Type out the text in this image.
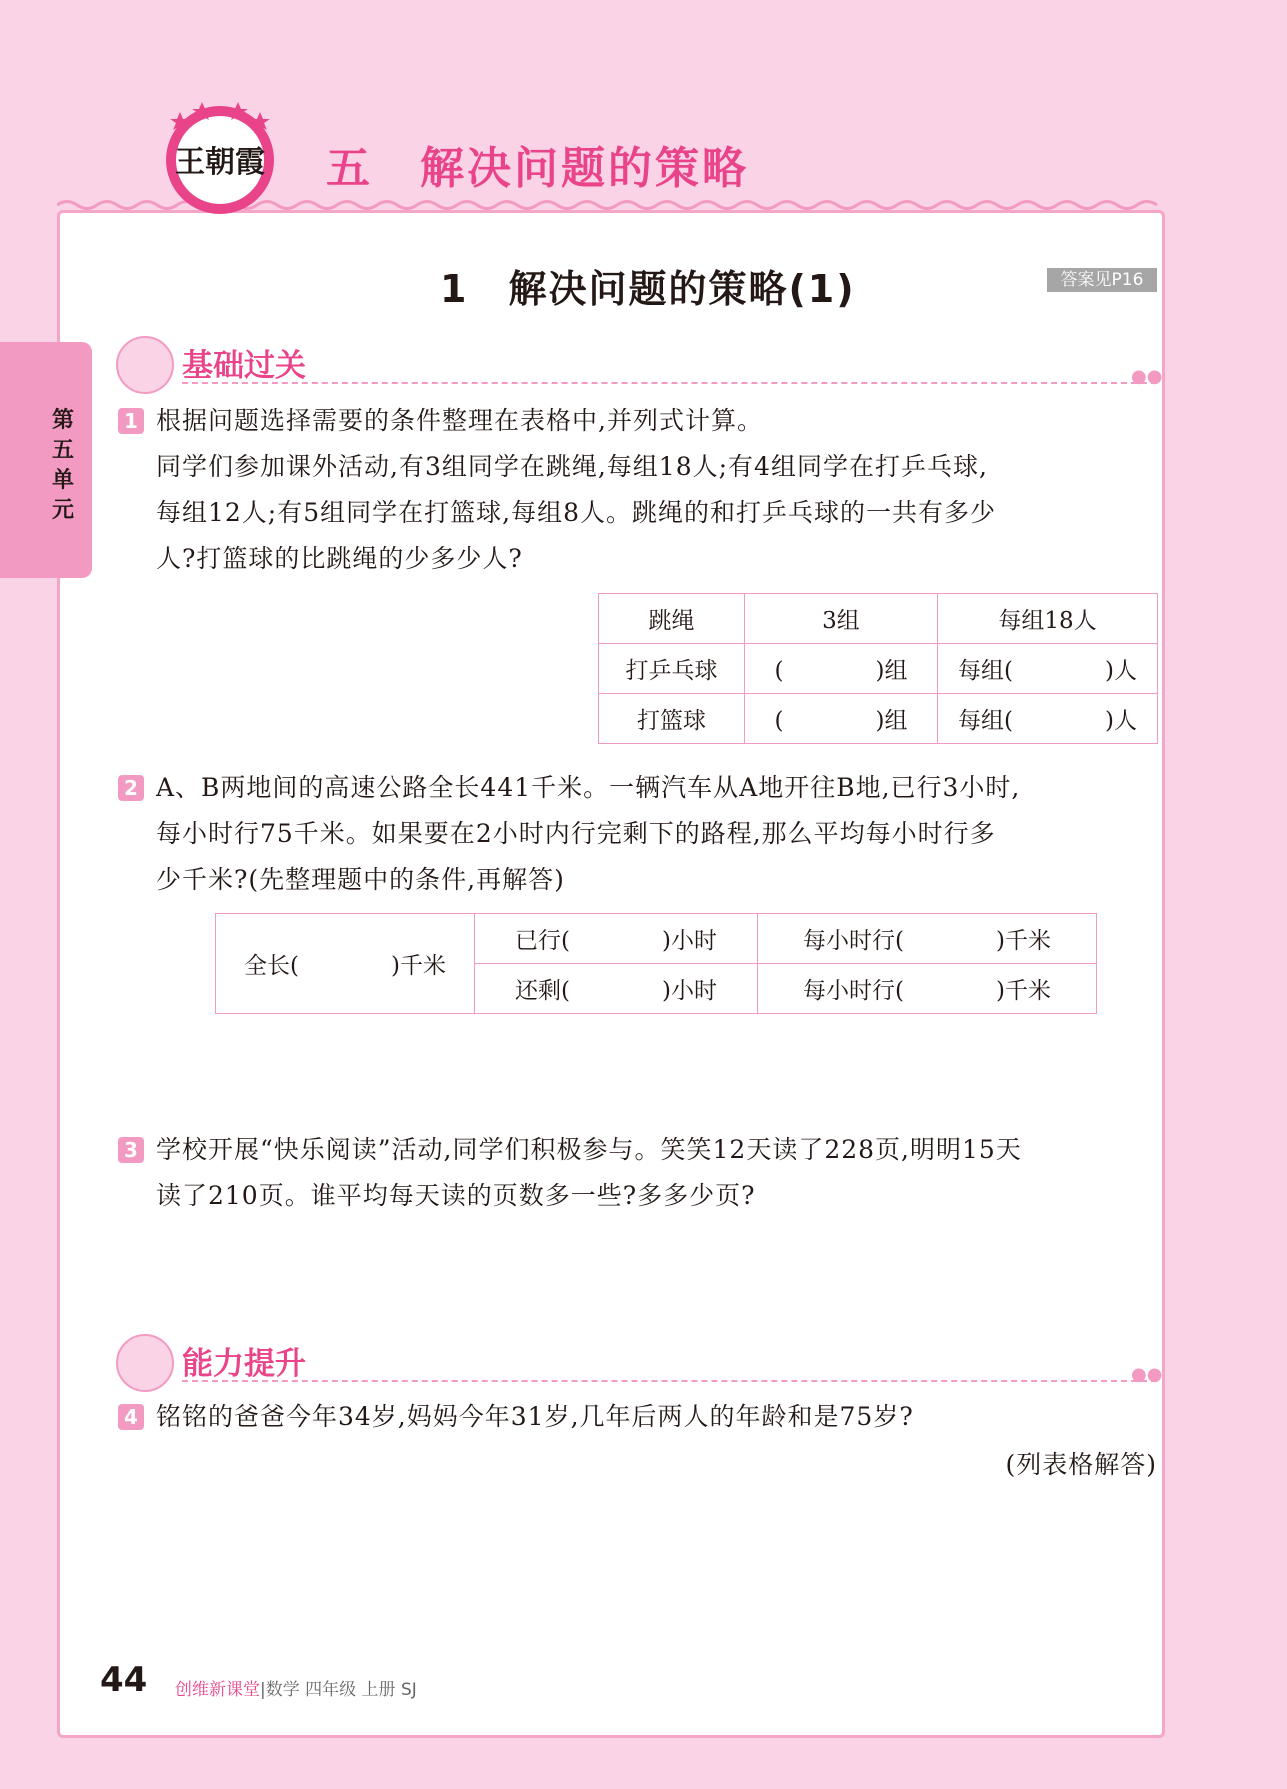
王朝霞 五　解决问题的策略
第五单元
1　解决问题的策略(1)	答案见P16
基础过关	●●
1 根据问题选择需要的条件整理在表格中,并列式计算。
同学们参加课外活动,有3组同学在跳绳,每组18人;有4组同学在打乒乓球,
每组12人;有5组同学在打篮球,每组8人。跳绳的和打乒乓球的一共有多少
人?打篮球的比跳绳的少多少人?
跳绳	3组	每组18人
打乒乓球	(　　　　)组	每组(　　　　)人
打篮球	(　　　　)组	每组(　　　　)人
2 A、B两地间的高速公路全长441千米。一辆汽车从A地开往B地,已行3小时,
每小时行75千米。如果要在2小时内行完剩下的路程,那么平均每小时行多
少千米?(先整理题中的条件,再解答)
全长(　　　　)千米	已行(　　　　)小时	每小时行(　　　　)千米
	还剩(　　　　)小时	每小时行(　　　　)千米
3 学校开展“快乐阅读”活动,同学们积极参与。笑笑12天读了228页,明明15天
读了210页。谁平均每天读的页数多一些?多多少页?
能力提升	●●
4 铭铭的爸爸今年34岁,妈妈今年31岁,几年后两人的年龄和是75岁?
(列表格解答)
44 创维新课堂|数学 四年级 上册 SJ
